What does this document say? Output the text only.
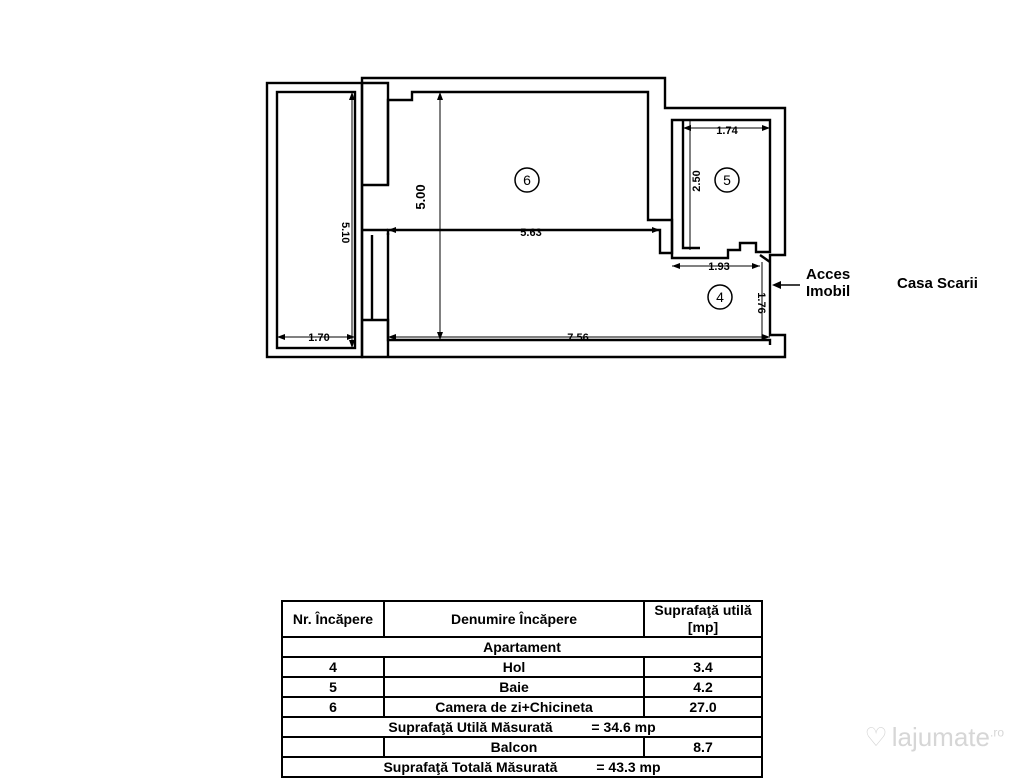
5.10
5.00
5.63
1.74
2.50
1.93
1.76
1.70	7.56
6	5
4
Acces
Imobil	Casa Scarii
Nr. Încăpere	Denumire Încăpere	Suprafaţă utilă [mp]
Apartament		
4	Hol	3.4
5	Baie	4.2
6	Camera de zi+Chicineta	27.0
Suprafaţă Utilă Măsurată          = 34.6 mp		
	Balcon	8.7
Suprafaţă Totală Măsurată          = 43.3 mp		
♡ lajumate$^{.ro}$
